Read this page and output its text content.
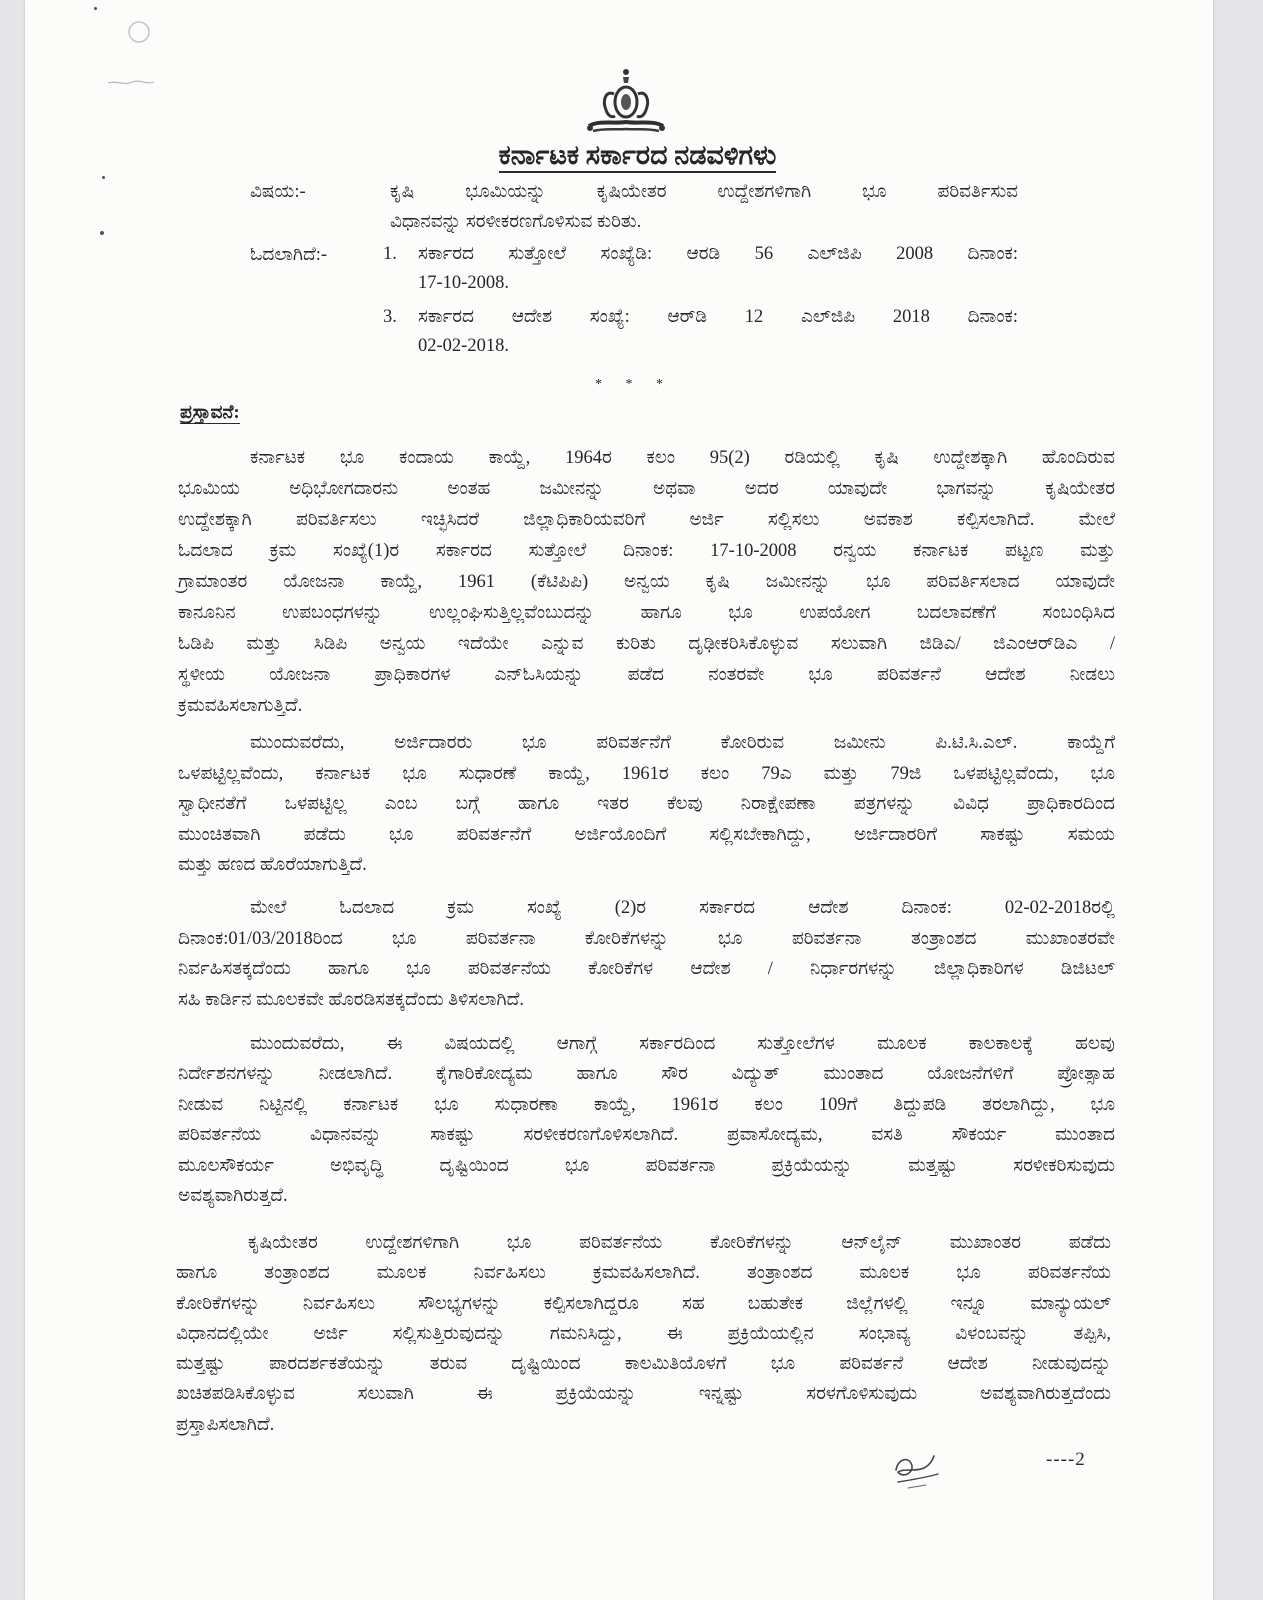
ಕರ್ನಾಟಕ ಸರ್ಕಾರದ ನಡವಳಿಗಳು
ವಿಷಯ:-	ಕೃಷಿ ಭೂಮಿಯನ್ನು ಕೃಷಿಯೇತರ ಉದ್ದೇಶಗಳಿಗಾಗಿ ಭೂ ಪರಿವರ್ತಿಸುವ
ವಿಧಾನವನ್ನು ಸರಳೀಕರಣಗೊಳಿಸುವ ಕುರಿತು.
ಓದಲಾಗಿದೆ:-	1. ಸರ್ಕಾರದ ಸುತ್ತೋಲೆ ಸಂಖ್ಯೆಡಿ: ಆರಡಿ 56 ಎಲ್‌ಜಿಪಿ 2008 ದಿನಾಂಕ:
17-10-2008.
3. ಸರ್ಕಾರದ ಆದೇಶ ಸಂಖ್ಯೆ: ಆರ್‌ಡಿ 12 ಎಲ್‌ಜಿಪಿ 2018 ದಿನಾಂಕ:
02-02-2018.
* * *
ಪ್ರಸ್ತಾವನೆ:
ಕರ್ನಾಟಕ ಭೂ ಕಂದಾಯ ಕಾಯ್ದೆ, 1964ರ ಕಲಂ 95(2) ರಡಿಯಲ್ಲಿ ಕೃಷಿ ಉದ್ದೇಶಕ್ಕಾಗಿ ಹೊಂದಿರುವ
ಭೂಮಿಯ ಅಧಿಭೋಗದಾರನು ಅಂತಹ ಜಮೀನನ್ನು ಅಥವಾ ಅದರ ಯಾವುದೇ ಭಾಗವನ್ನು ಕೃಷಿಯೇತರ
ಉದ್ದೇಶಕ್ಕಾಗಿ ಪರಿವರ್ತಿಸಲು ಇಚ್ಛಿಸಿದರೆ ಜಿಲ್ಲಾಧಿಕಾರಿಯವರಿಗೆ ಅರ್ಜಿ ಸಲ್ಲಿಸಲು ಅವಕಾಶ ಕಲ್ಪಿಸಲಾಗಿದೆ. ಮೇಲೆ
ಓದಲಾದ ಕ್ರಮ ಸಂಖ್ಯೆ(1)ರ ಸರ್ಕಾರದ ಸುತ್ತೋಲೆ ದಿನಾಂಕ: 17-10-2008 ರನ್ವಯ ಕರ್ನಾಟಕ ಪಟ್ಟಣ ಮತ್ತು
ಗ್ರಾಮಾಂತರ ಯೋಜನಾ ಕಾಯ್ದೆ, 1961 (ಕೆಟಿಪಿಪಿ) ಅನ್ವಯ ಕೃಷಿ ಜಮೀನನ್ನು ಭೂ ಪರಿವರ್ತಿಸಲಾದ ಯಾವುದೇ
ಕಾನೂನಿನ ಉಪಬಂಧಗಳನ್ನು ಉಲ್ಲಂಘಿಸುತ್ತಿಲ್ಲವೆಂಬುದನ್ನು ಹಾಗೂ ಭೂ ಉಪಯೋಗ ಬದಲಾವಣೆಗೆ ಸಂಬಂಧಿಸಿದ
ಓಡಿಪಿ ಮತ್ತು ಸಿಡಿಪಿ ಅನ್ವಯ ಇದೆಯೇ ಎನ್ನುವ ಕುರಿತು ದೃಢೀಕರಿಸಿಕೊಳ್ಳುವ ಸಲುವಾಗಿ ಜಿಡಿಎ/ ಜಿಎಂಆರ್‌ಡಿಎ /
ಸ್ಥಳೀಯ ಯೋಜನಾ ಪ್ರಾಧಿಕಾರಗಳ ಎನ್‌ಓಸಿಯನ್ನು ಪಡೆದ ನಂತರವೇ ಭೂ ಪರಿವರ್ತನೆ ಆದೇಶ ನೀಡಲು
ಕ್ರಮವಹಿಸಲಾಗುತ್ತಿದೆ.
ಮುಂದುವರೆದು, ಅರ್ಜಿದಾರರು ಭೂ ಪರಿವರ್ತನೆಗೆ ಕೋರಿರುವ ಜಮೀನು ಪಿ.ಟಿ.ಸಿ.ಎಲ್. ಕಾಯ್ದೆಗೆ
ಒಳಪಟ್ಟಿಲ್ಲವೆಂದು, ಕರ್ನಾಟಕ ಭೂ ಸುಧಾರಣೆ ಕಾಯ್ದೆ, 1961ರ ಕಲಂ 79ಎ ಮತ್ತು 79ಜಿ ಒಳಪಟ್ಟಿಲ್ಲವೆಂದು, ಭೂ
ಸ್ವಾಧೀನತೆಗೆ ಒಳಪಟ್ಟಿಲ್ಲ ಎಂಬ ಬಗ್ಗೆ ಹಾಗೂ ಇತರ ಕೆಲವು ನಿರಾಕ್ಷೇಪಣಾ ಪತ್ರಗಳನ್ನು ವಿವಿಧ ಪ್ರಾಧಿಕಾರದಿಂದ
ಮುಂಚಿತವಾಗಿ ಪಡೆದು ಭೂ ಪರಿವರ್ತನೆಗೆ ಅರ್ಜಿಯೊಂದಿಗೆ ಸಲ್ಲಿಸಬೇಕಾಗಿದ್ದು, ಅರ್ಜಿದಾರರಿಗೆ ಸಾಕಷ್ಟು ಸಮಯ
ಮತ್ತು ಹಣದ ಹೊರೆಯಾಗುತ್ತಿದೆ.
ಮೇಲೆ ಓದಲಾದ ಕ್ರಮ ಸಂಖ್ಯೆ (2)ರ ಸರ್ಕಾರದ ಆದೇಶ ದಿನಾಂಕ: 02-02-2018ರಲ್ಲಿ
ದಿನಾಂಕ:01/03/2018ರಿಂದ ಭೂ ಪರಿವರ್ತನಾ ಕೋರಿಕೆಗಳನ್ನು ಭೂ ಪರಿವರ್ತನಾ ತಂತ್ರಾಂಶದ ಮುಖಾಂತರವೇ
ನಿರ್ವಹಿಸತಕ್ಕದೆಂದು ಹಾಗೂ ಭೂ ಪರಿವರ್ತನೆಯ ಕೋರಿಕೆಗಳ ಆದೇಶ / ನಿರ್ಧಾರಗಳನ್ನು ಜಿಲ್ಲಾಧಿಕಾರಿಗಳ ಡಿಜಿಟಲ್
ಸಹಿ ಕಾರ್ಡಿನ ಮೂಲಕವೇ ಹೊರಡಿಸತಕ್ಕದೆಂದು ತಿಳಿಸಲಾಗಿದೆ.
ಮುಂದುವರೆದು, ಈ ವಿಷಯದಲ್ಲಿ ಆಗಾಗ್ಗೆ ಸರ್ಕಾರದಿಂದ ಸುತ್ತೋಲೆಗಳ ಮೂಲಕ ಕಾಲಕಾಲಕ್ಕೆ ಹಲವು
ನಿರ್ದೇಶನಗಳನ್ನು ನೀಡಲಾಗಿದೆ. ಕೈಗಾರಿಕೋದ್ಯಮ ಹಾಗೂ ಸೌರ ವಿದ್ಯುತ್ ಮುಂತಾದ ಯೋಜನೆಗಳಿಗೆ ಪ್ರೋತ್ಸಾಹ
ನೀಡುವ ನಿಟ್ಟಿನಲ್ಲಿ ಕರ್ನಾಟಕ ಭೂ ಸುಧಾರಣಾ ಕಾಯ್ದೆ, 1961ರ ಕಲಂ 109ಗೆ ತಿದ್ದುಪಡಿ ತರಲಾಗಿದ್ದು, ಭೂ
ಪರಿವರ್ತನೆಯ ವಿಧಾನವನ್ನು ಸಾಕಷ್ಟು ಸರಳೀಕರಣಗೊಳಿಸಲಾಗಿದೆ. ಪ್ರವಾಸೋದ್ಯಮ, ವಸತಿ ಸೌಕರ್ಯ ಮುಂತಾದ
ಮೂಲಸೌಕರ್ಯ ಅಭಿವೃದ್ಧಿ ದೃಷ್ಟಿಯಿಂದ ಭೂ ಪರಿವರ್ತನಾ ಪ್ರಕ್ರಿಯೆಯನ್ನು ಮತ್ತಷ್ಟು ಸರಳೀಕರಿಸುವುದು
ಅವಶ್ಯವಾಗಿರುತ್ತದೆ.
ಕೃಷಿಯೇತರ ಉದ್ದೇಶಗಳಿಗಾಗಿ ಭೂ ಪರಿವರ್ತನೆಯ ಕೋರಿಕೆಗಳನ್ನು ಆನ್‌ಲೈನ್ ಮುಖಾಂತರ ಪಡೆದು
ಹಾಗೂ ತಂತ್ರಾಂಶದ ಮೂಲಕ ನಿರ್ವಹಿಸಲು ಕ್ರಮವಹಿಸಲಾಗಿದೆ. ತಂತ್ರಾಂಶದ ಮೂಲಕ ಭೂ ಪರಿವರ್ತನೆಯ
ಕೋರಿಕೆಗಳನ್ನು ನಿರ್ವಹಿಸಲು ಸೌಲಭ್ಯಗಳನ್ನು ಕಲ್ಪಿಸಲಾಗಿದ್ದರೂ ಸಹ ಬಹುತೇಕ ಜಿಲ್ಲೆಗಳಲ್ಲಿ ಇನ್ನೂ ಮಾನ್ಯುಯಲ್
ವಿಧಾನದಲ್ಲಿಯೇ ಅರ್ಜಿ ಸಲ್ಲಿಸುತ್ತಿರುವುದನ್ನು ಗಮನಿಸಿದ್ದು, ಈ ಪ್ರಕ್ರಿಯೆಯಲ್ಲಿನ ಸಂಭಾವ್ಯ ವಿಳಂಬವನ್ನು ತಪ್ಪಿಸಿ,
ಮತ್ತಷ್ಟು ಪಾರದರ್ಶಕತೆಯನ್ನು ತರುವ ದೃಷ್ಟಿಯಿಂದ ಕಾಲಮಿತಿಯೊಳಗೆ ಭೂ ಪರಿವರ್ತನೆ ಆದೇಶ ನೀಡುವುದನ್ನು
ಖಚಿತಪಡಿಸಿಕೊಳ್ಳುವ ಸಲುವಾಗಿ ಈ ಪ್ರಕ್ರಿಯೆಯನ್ನು ಇನ್ನಷ್ಟು ಸರಳಗೊಳಿಸುವುದು ಅವಶ್ಯವಾಗಿರುತ್ತದೆಂದು
ಪ್ರಸ್ತಾಪಿಸಲಾಗಿದೆ.
----2
